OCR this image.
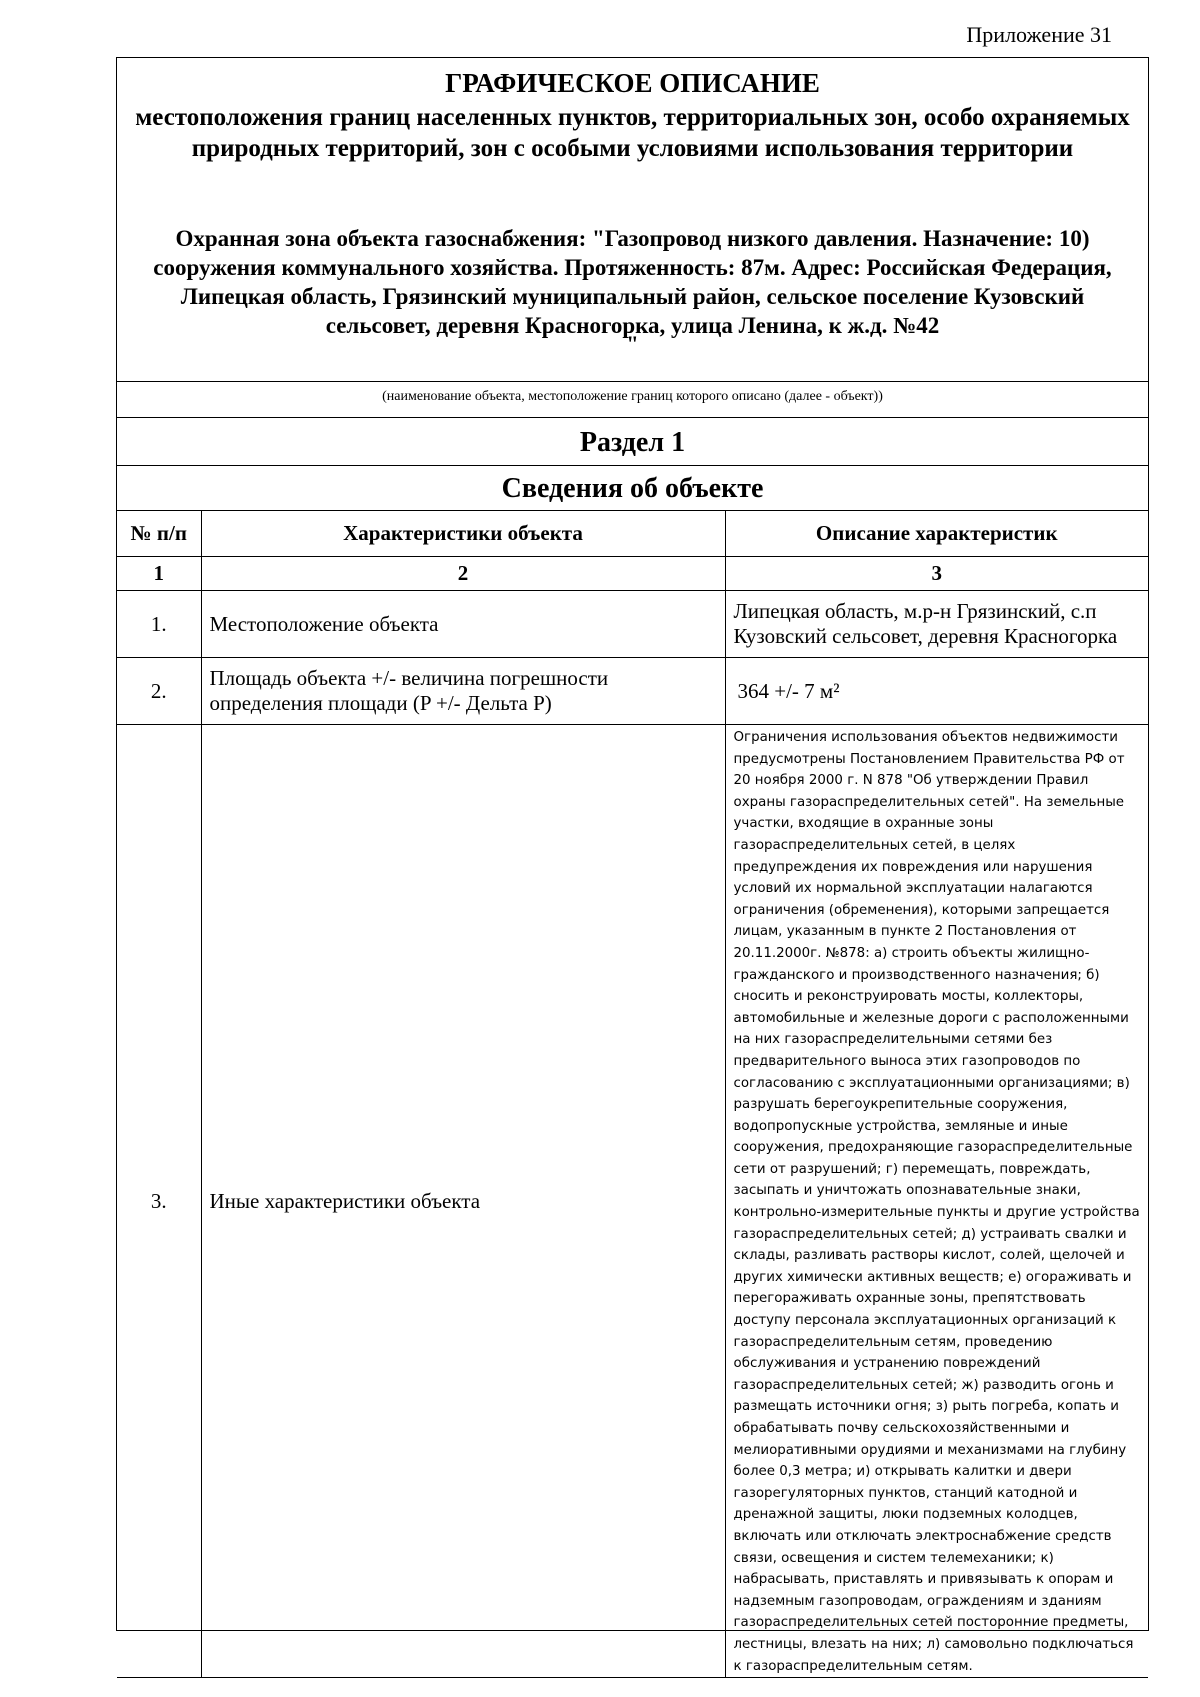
Приложение 31
ГРАФИЧЕСКОЕ ОПИСАНИЕ
местоположения границ населенных пунктов, территориальных зон, особо охраняемых природных территорий, зон с особыми условиями использования территории
Охранная зона объекта газоснабжения: "Газопровод низкого давления. Назначение: 10) сооружения коммунального хозяйства. Протяженность: 87м. Адрес: Российская Федерация, Липецкая область, Грязинский муниципальный район, сельское поселение Кузовский сельсовет, деревня Красногорка, улица Ленина, к ж.д. №42
"
(наименование объекта, местоположение границ которого описано (далее - объект))
Раздел 1
Сведения об объекте
№ п/п	Характеристики объекта	Описание характеристик
1	2	3
1.	Местоположение объекта	Липецкая область, м.р-н Грязинский, с.п Кузовский сельсовет, деревня Красногорка
2.	Площадь объекта +/- величина погрешности определения площади (P +/- Дельта P)	364 +/- 7 м²
3.	Иные характеристики объекта	Ограничения использования объектов недвижимости предусмотрены Постановлением Правительства РФ от 20 ноября 2000 г. N 878 "Об утверждении Правил охраны газораспределительных сетей". На земельные участки, входящие в охранные зоны газораспределительных сетей, в целях предупреждения их повреждения или нарушения условий их нормальной эксплуатации налагаются ограничения (обременения), которыми запрещается лицам, указанным в пункте 2 Постановления от 20.11.2000г. №878: а) строить объекты жилищно-гражданского и производственного назначения; б) сносить и реконструировать мосты, коллекторы, автомобильные и железные дороги с расположенными на них газораспределительными сетями без предварительного выноса этих газопроводов по согласованию с эксплуатационными организациями; в) разрушать берегоукрепительные сооружения, водопропускные устройства, земляные и иные сооружения, предохраняющие газораспределительные сети от разрушений; г) перемещать, повреждать, засыпать и уничтожать опознавательные знаки, контрольно-измерительные пункты и другие устройства газораспределительных сетей; д) устраивать свалки и склады, разливать растворы кислот, солей, щелочей и других химически активных веществ; е) огораживать и перегораживать охранные зоны, препятствовать доступу персонала эксплуатационных организаций к газораспределительным сетям, проведению обслуживания и устранению повреждений газораспределительных сетей; ж) разводить огонь и размещать источники огня; з) рыть погреба, копать и обрабатывать почву сельскохозяйственными и мелиоративными орудиями и механизмами на глубину более 0,3 метра; и) открывать калитки и двери газорегуляторных пунктов, станций катодной и дренажной защиты, люки подземных колодцев, включать или отключать электроснабжение средств связи, освещения и систем телемеханики; к) набрасывать, приставлять и привязывать к опорам и надземным газопроводам, ограждениям и зданиям газораспределительных сетей посторонние предметы, лестницы, влезать на них; л) самовольно подключаться к газораспределительным сетям.
